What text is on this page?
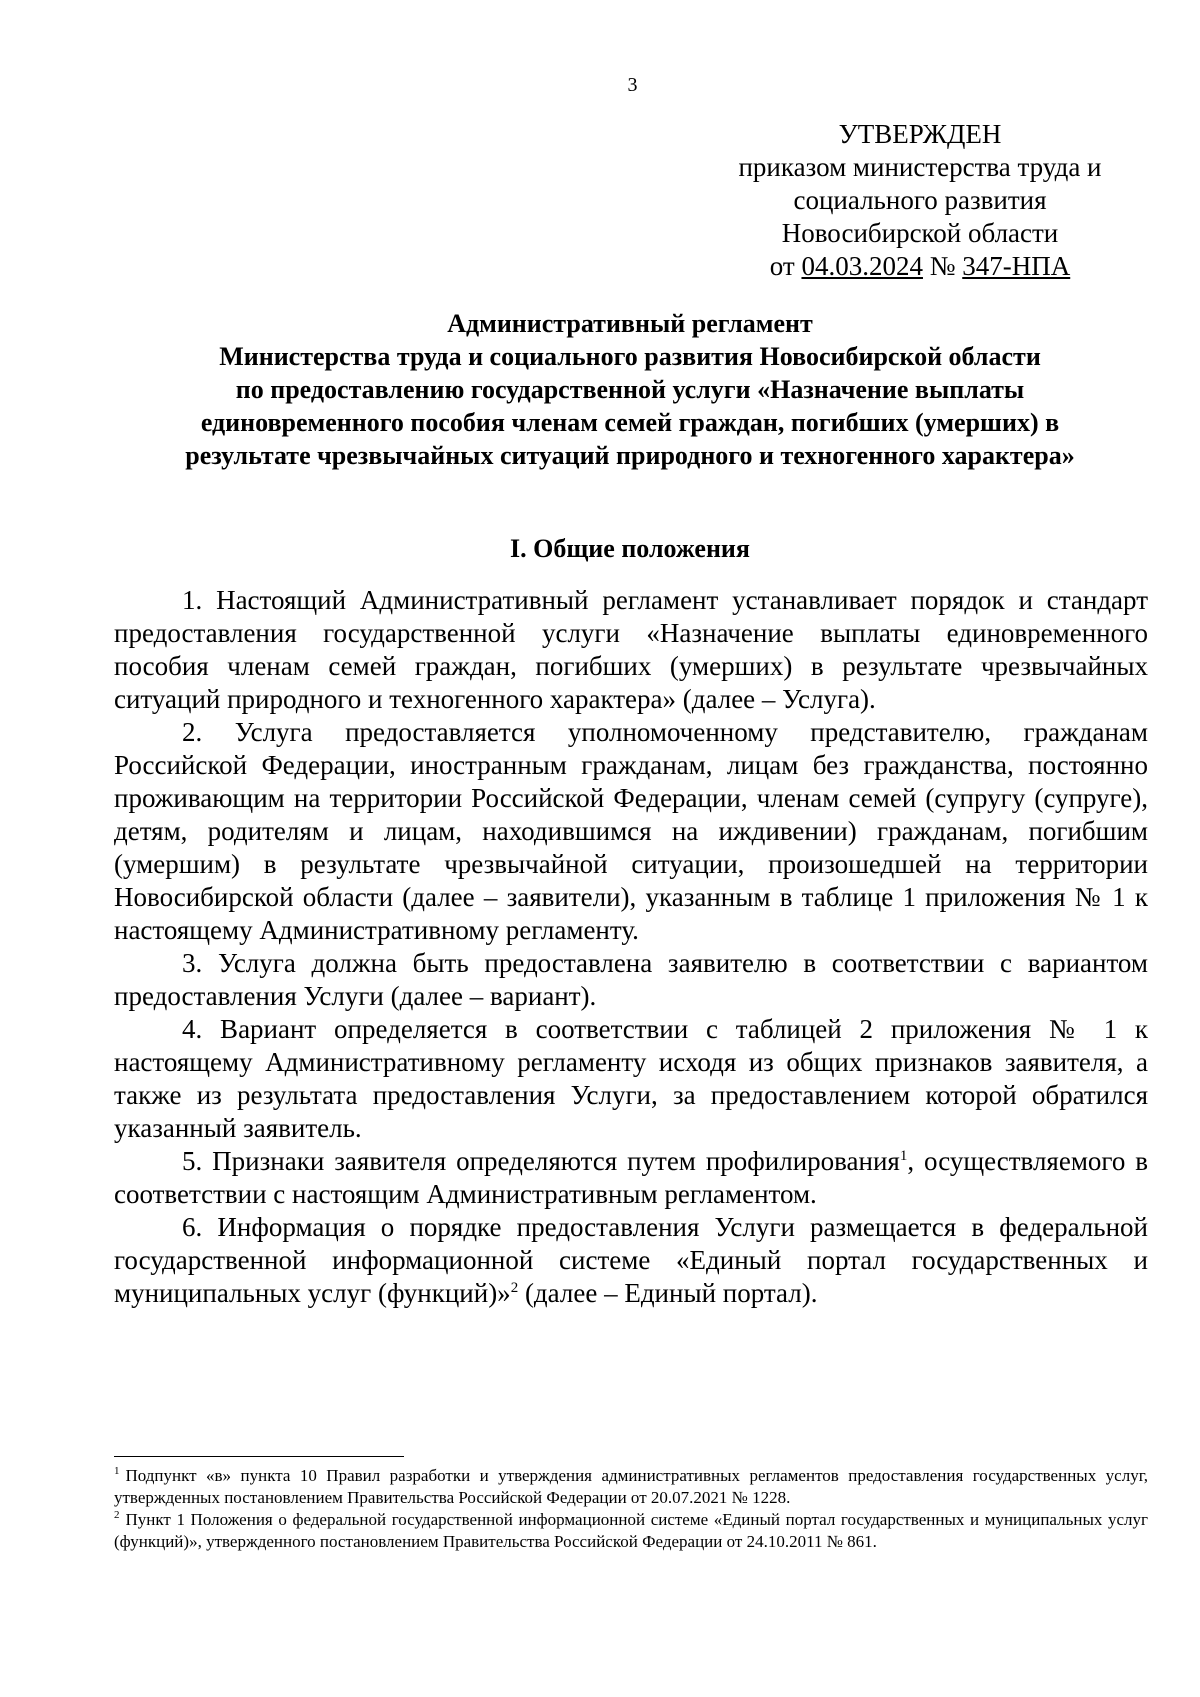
3
УТВЕРЖДЕН
приказом министерства труда и
социального развития
Новосибирской области
от 04.03.2024 № 347-НПА
Административный регламент
Министерства труда и социального развития Новосибирской области
по предоставлению государственной услуги «Назначение выплаты
единовременного пособия членам семей граждан, погибших (умерших) в
результате чрезвычайных ситуаций природного и техногенного характера»
I. Общие положения

1. Настоящий Административный регламент устанавливает порядок и стандарт предоставления государственной услуги «Назначение выплаты единовременного пособия членам семей граждан, погибших (умерших) в результате чрезвычайных ситуаций природного и техногенного характера» (далее – Услуга).

2. Услуга предоставляется уполномоченному представителю, гражданам Российской Федерации, иностранным гражданам, лицам без гражданства, постоянно проживающим на территории Российской Федерации, членам семей (супругу (супруге), детям, родителям и лицам, находившимся на иждивении) гражданам, погибшим (умершим) в результате чрезвычайной ситуации, произошедшей на территории Новосибирской области (далее – заявители), указанным в таблице 1 приложения № 1 к настоящему Административному регламенту.

3. Услуга должна быть предоставлена заявителю в соответствии с вариантом предоставления Услуги (далее – вариант).

4. Вариант определяется в соответствии с таблицей 2 приложения № 1 к настоящему Административному регламенту исходя из общих признаков заявителя, а также из результата предоставления Услуги, за предоставлением которой обратился указанный заявитель.

5. Признаки заявителя определяются путем профилирования$^1$, осуществляемого в соответствии с настоящим Административным регламентом.

6. Информация о порядке предоставления Услуги размещается в федеральной государственной информационной системе «Единый портал государственных и муниципальных услуг (функций)»$^2$ (далее – Единый портал).

$^1$ Подпункт «в» пункта 10 Правил разработки и утверждения административных регламентов предоставления государственных услуг, утвержденных постановлением Правительства Российской Федерации от 20.07.2021 № 1228.

$^2$ Пункт 1 Положения о федеральной государственной информационной системе «Единый портал государственных и муниципальных услуг (функций)», утвержденного постановлением Правительства Российской Федерации от 24.10.2011 № 861.
